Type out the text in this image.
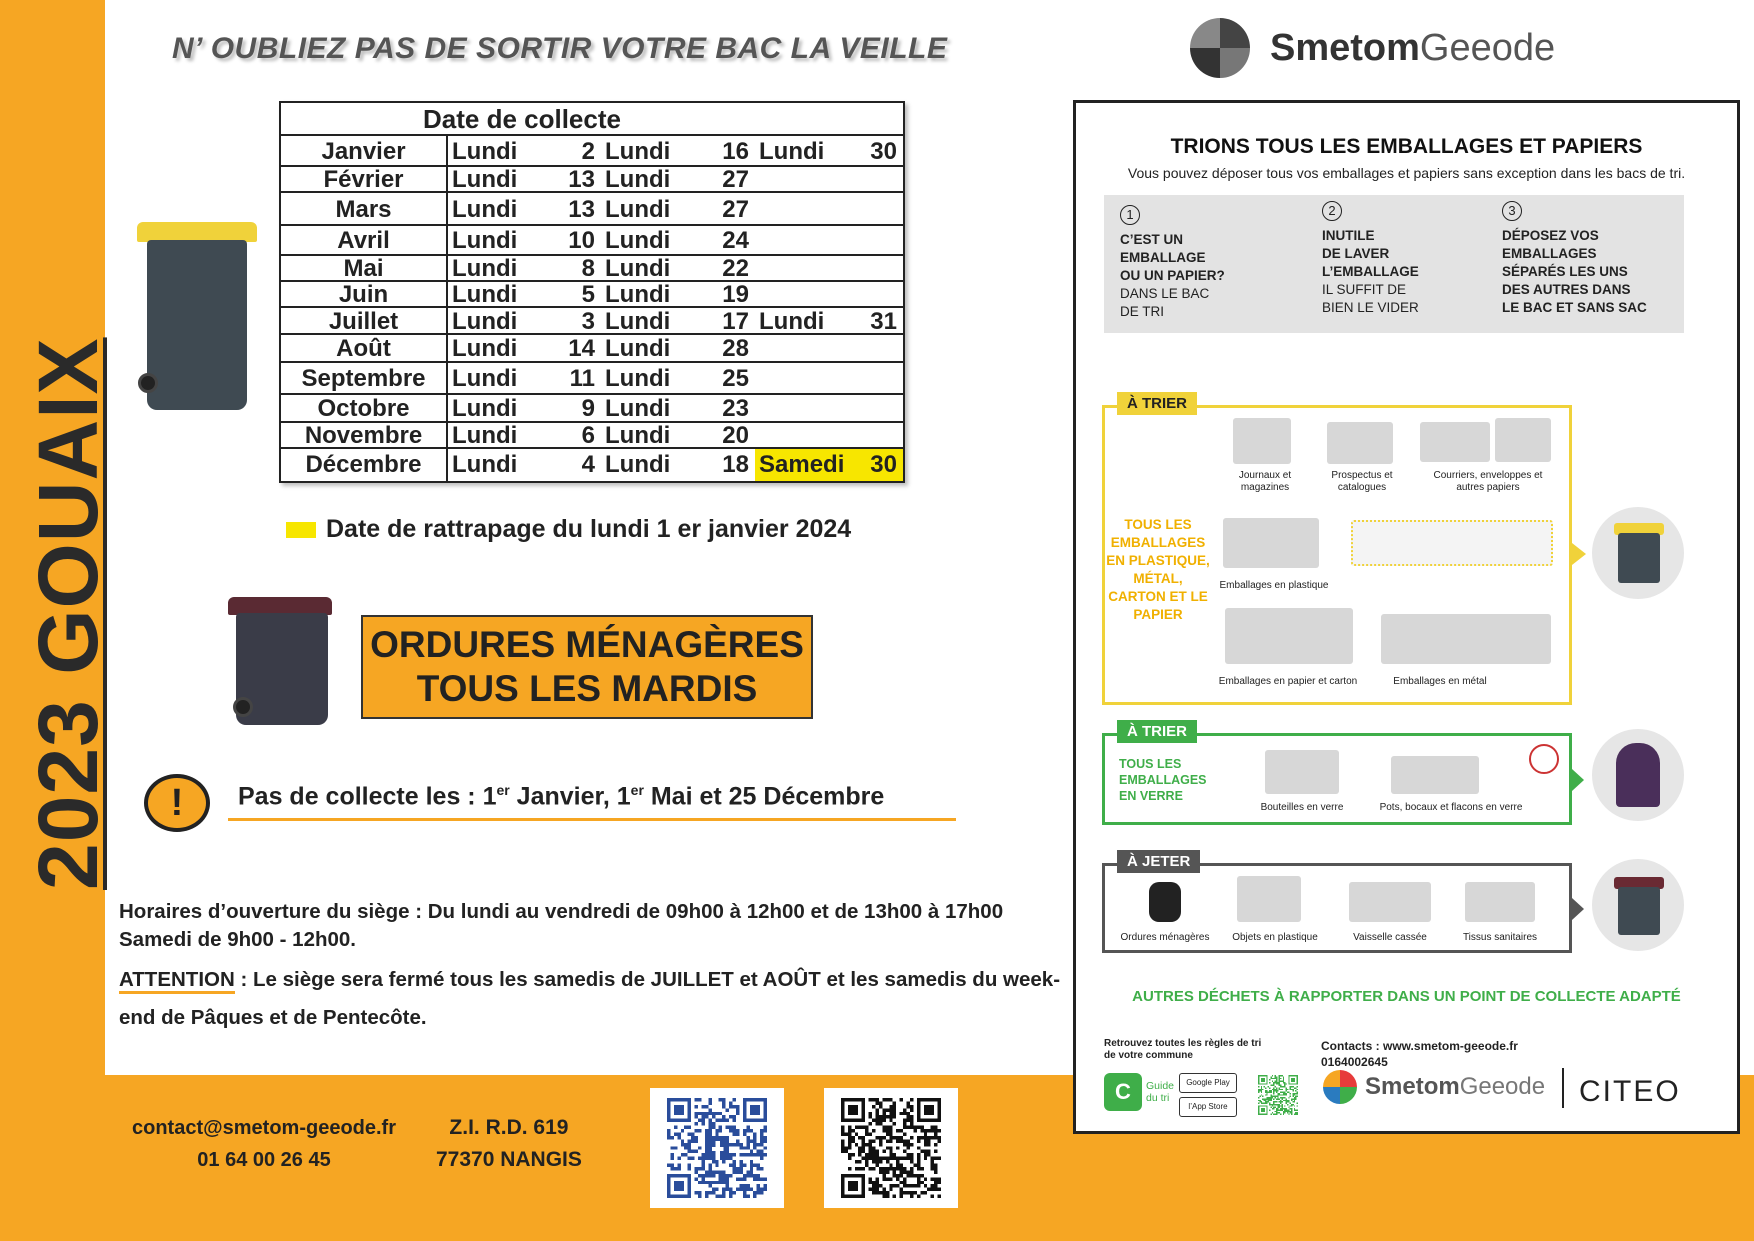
2023 GOUAIX
N’ OUBLIEZ PAS DE SORTIR VOTRE BAC LA VEILLE
Date de collecte
Janvier	Lundi	2 Lundi	16 Lundi	30
Février	Lundi	13 Lundi	27
Mars	Lundi	13 Lundi	27
Avril	Lundi	10 Lundi	24
Mai	Lundi	8 Lundi	22
Juin	Lundi	5 Lundi	19
Juillet	Lundi	3 Lundi	17 Lundi	31
Août	Lundi	14 Lundi	28
Septembre	Lundi	11 Lundi	25
Octobre	Lundi	9 Lundi	23
Novembre	Lundi	6 Lundi	20
Décembre	Lundi	4 Lundi	18 Samedi	30
Date de rattrapage du lundi 1 er janvier 2024
ORDURES MÉNAGÈRES
TOUS LES MARDIS
!	Pas de collecte les : 1er Janvier, 1er Mai et 25 Décembre
Horaires d’ouverture du siège : Du lundi au vendredi de 09h00 à 12h00 et de 13h00 à 17h00
Samedi de 9h00 - 12h00.
ATTENTION : Le siège sera fermé tous les samedis de JUILLET et AOÛT et les samedis du week-end de Pâques et de Pentecôte.
contact@smetom-geeode.fr
01 64 00 26 45
Z.I. R.D. 619
77370 NANGIS
SmetomGeeode
TRIONS TOUS LES EMBALLAGES ET PAPIERS
Vous pouvez déposer tous vos emballages et papiers sans exception dans les bacs de tri.
1
C’EST UN
EMBALLAGE
OU UN PAPIER?
DANS LE BAC
DE TRI
2
INUTILE
DE LAVER
L’EMBALLAGE
IL SUFFIT DE
BIEN LE VIDER
3
DÉPOSEZ VOS
EMBALLAGES
SÉPARÉS LES UNS
DES AUTRES DANS
LE BAC ET SANS SAC
À TRIER
TOUS LES EMBALLAGES EN PLASTIQUE, MÉTAL, CARTON ET LE PAPIER
Journaux et magazines
Prospectus et catalogues
Courriers, enveloppes et autres papiers
Emballages en plastique
Emballages en papier et carton	Emballages en métal
À TRIER
TOUS LES EMBALLAGES EN VERRE
Bouteilles en verre	Pots, bocaux et flacons en verre
À JETER
Ordures ménagères	Objets en plastique	Vaisselle cassée	Tissus sanitaires
AUTRES DÉCHETS À RAPPORTER DANS UN POINT DE COLLECTE ADAPTÉ
Retrouvez toutes les règles de tri
de votre commune
Contacts : www.smetom-geeode.fr
0164002645
C	Guide
du tri
Google Play
l’App Store
SmetomGeeode CITEO
